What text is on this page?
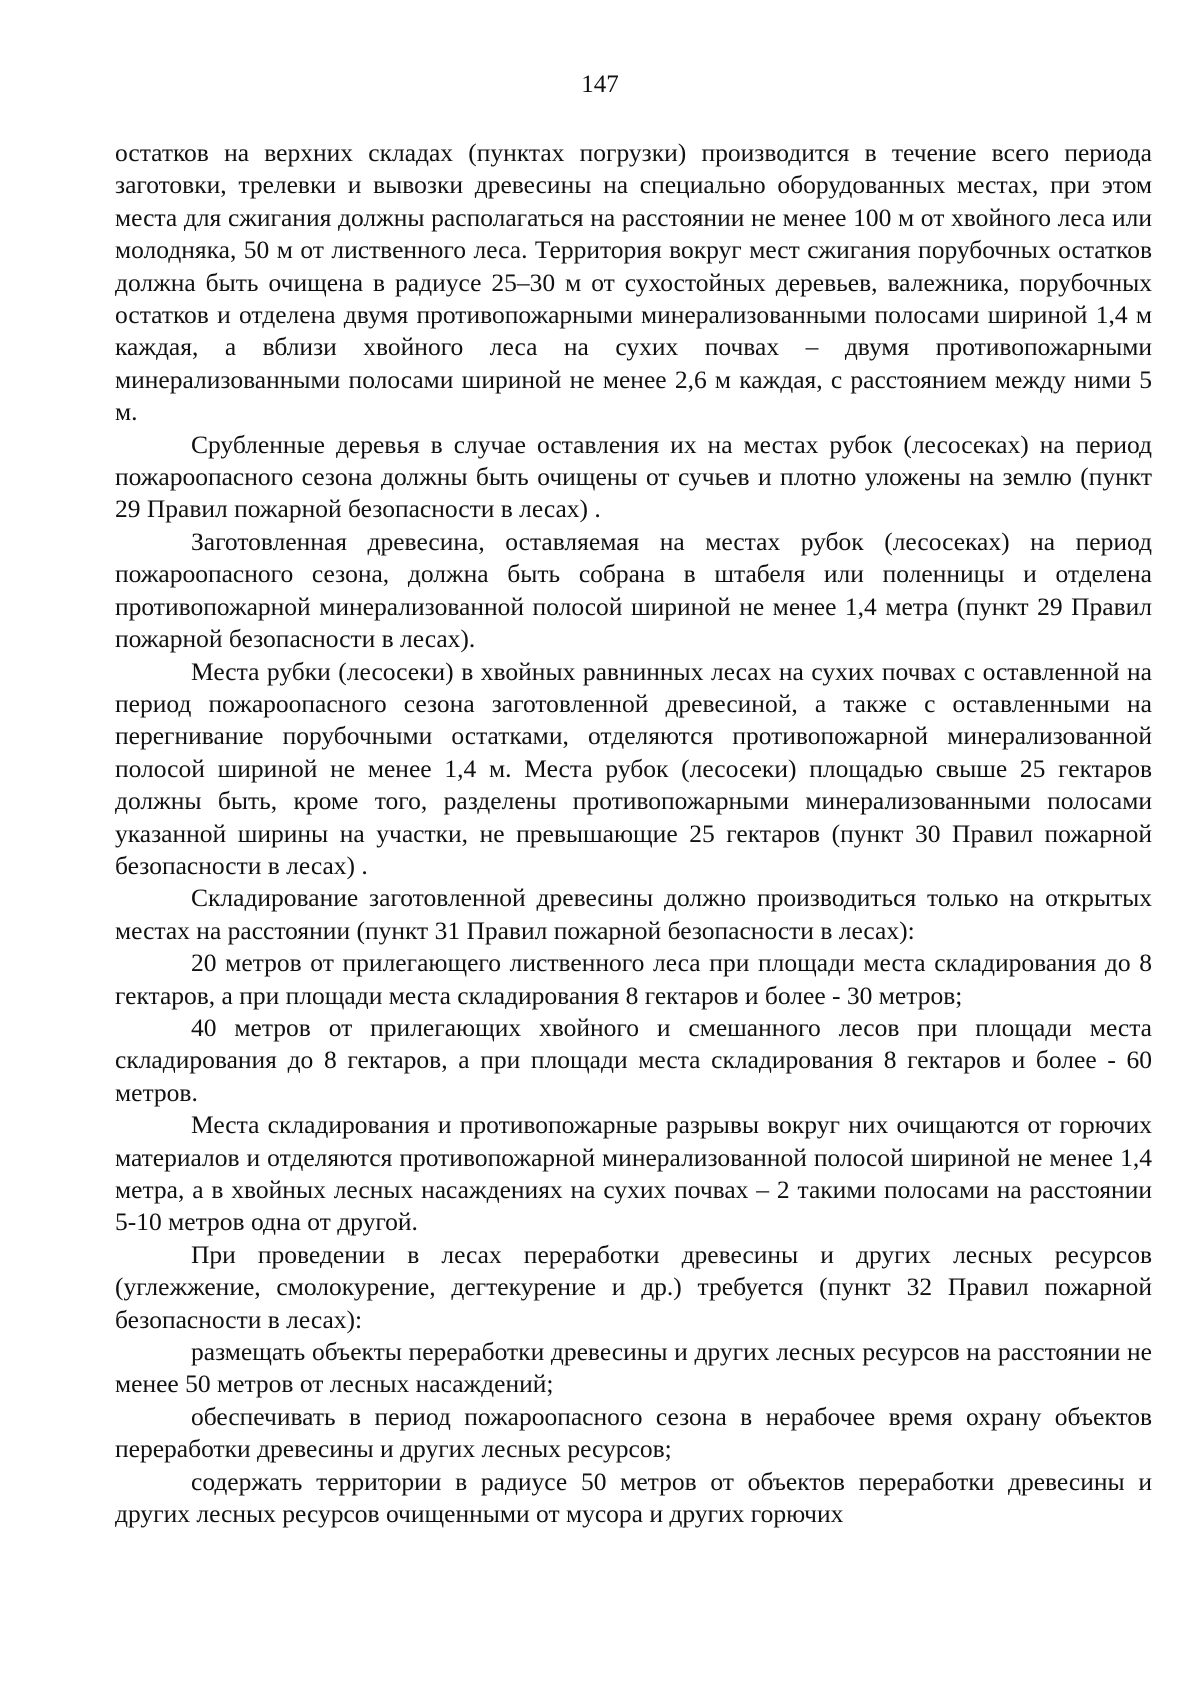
147

остатков на верхних складах (пунктах погрузки) производится в течение всего периода заготовки, трелевки и вывозки древесины на специально оборудованных местах, при этом места для сжигания должны располагаться на расстоянии не менее 100 м от хвойного леса или молодняка, 50 м от лиственного леса. Территория вокруг мест сжигания порубочных остатков должна быть очищена в радиусе 25–30 м от сухостойных деревьев, валежника, порубочных остатков и отделена двумя противопожарными минерализованными полосами шириной 1,4 м каждая, а вблизи хвойного леса на сухих почвах – двумя противопожарными минерализованными полосами шириной не менее 2,6 м каждая, с расстоянием между ними 5 м.

Срубленные деревья в случае оставления их на местах рубок (лесосеках) на период пожароопасного сезона должны быть очищены от сучьев и плотно уложены на землю (пункт 29 Правил пожарной безопасности в лесах) .

Заготовленная древесина, оставляемая на местах рубок (лесосеках) на период пожароопасного сезона, должна быть собрана в штабеля или поленницы и отделена противопожарной минерализованной полосой шириной не менее 1,4 метра (пункт 29 Правил пожарной безопасности в лесах).

Места рубки (лесосеки) в хвойных равнинных лесах на сухих почвах с оставленной на период пожароопасного сезона заготовленной древесиной, а также с оставленными на перегнивание порубочными остатками, отделяются противопожарной минерализованной полосой шириной не менее 1,4 м. Места рубок (лесосеки) площадью свыше 25 гектаров должны быть, кроме того, разделены противопожарными минерализованными полосами указанной ширины на участки, не превышающие 25 гектаров (пункт 30 Правил пожарной безопасности в лесах) .

Складирование заготовленной древесины должно производиться только на открытых местах на расстоянии (пункт 31 Правил пожарной безопасности в лесах):

20 метров от прилегающего лиственного леса при площади места складирования до 8 гектаров, а при площади места складирования 8 гектаров и более - 30 метров;

40 метров от прилегающих хвойного и смешанного лесов при площади места складирования до 8 гектаров, а при площади места складирования 8 гектаров и более - 60 метров.

Места складирования и противопожарные разрывы вокруг них очищаются от горючих материалов и отделяются противопожарной минерализованной полосой шириной не менее 1,4 метра, а в хвойных лесных насаждениях на сухих почвах – 2 такими полосами на расстоянии 5-10 метров одна от другой.

При проведении в лесах переработки древесины и других лесных ресурсов (углежжение, смолокурение, дегтекурение и др.) требуется (пункт 32 Правил пожарной безопасности в лесах):

размещать объекты переработки древесины и других лесных ресурсов на расстоянии не менее 50 метров от лесных насаждений;

обеспечивать в период пожароопасного сезона в нерабочее время охрану объектов переработки древесины и других лесных ресурсов;

содержать территории в радиусе 50 метров от объектов переработки древесины и других лесных ресурсов очищенными от мусора и других горючих
